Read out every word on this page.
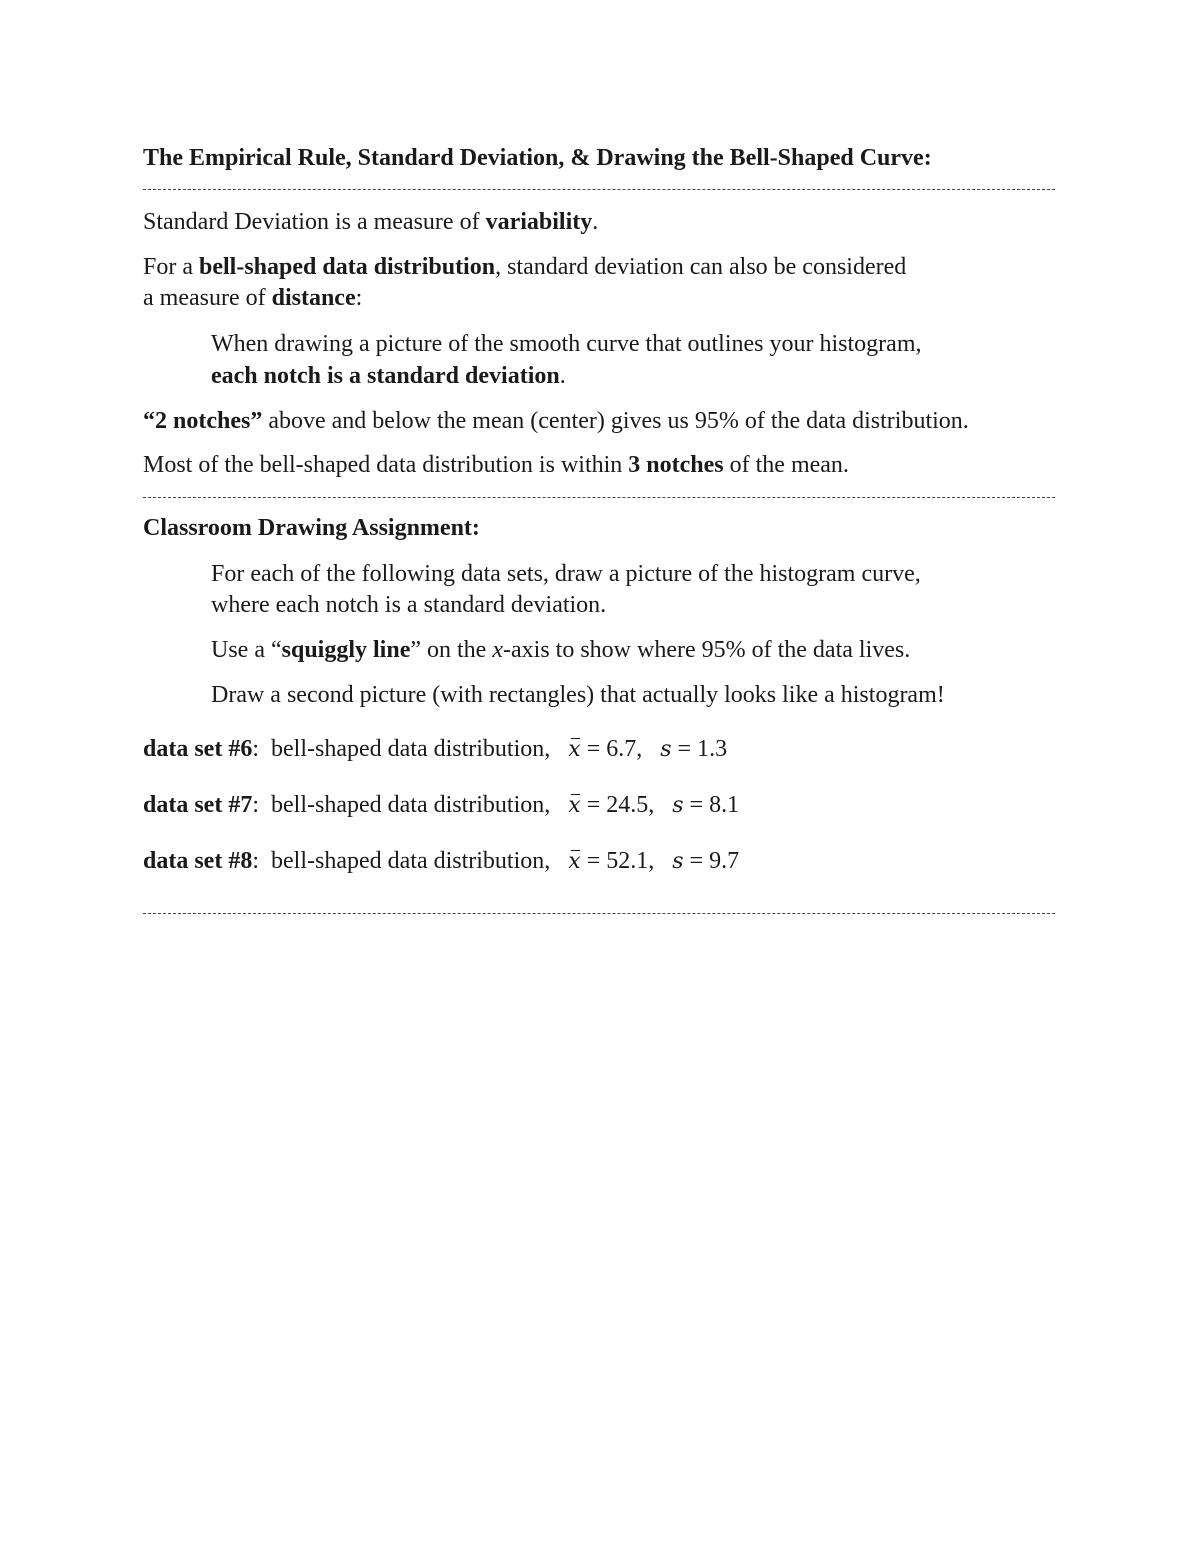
The Empirical Rule, Standard Deviation, & Drawing the Bell-Shaped Curve:
Standard Deviation is a measure of variability.
For a bell-shaped data distribution, standard deviation can also be considered
a measure of distance:
When drawing a picture of the smooth curve that outlines your histogram,
each notch is a standard deviation.
“2 notches” above and below the mean (center) gives us 95% of the data distribution.
Most of the bell-shaped data distribution is within 3 notches of the mean.
Classroom Drawing Assignment:
For each of the following data sets, draw a picture of the histogram curve,
where each notch is a standard deviation.
Use a “squiggly line” on the x-axis to show where 95% of the data lives.
Draw a second picture (with rectangles) that actually looks like a histogram!
data set #6: bell-shaped data distribution, x = 6.7, s = 1.3
data set #7: bell-shaped data distribution, x = 24.5, s = 8.1
data set #8: bell-shaped data distribution, x = 52.1, s = 9.7
